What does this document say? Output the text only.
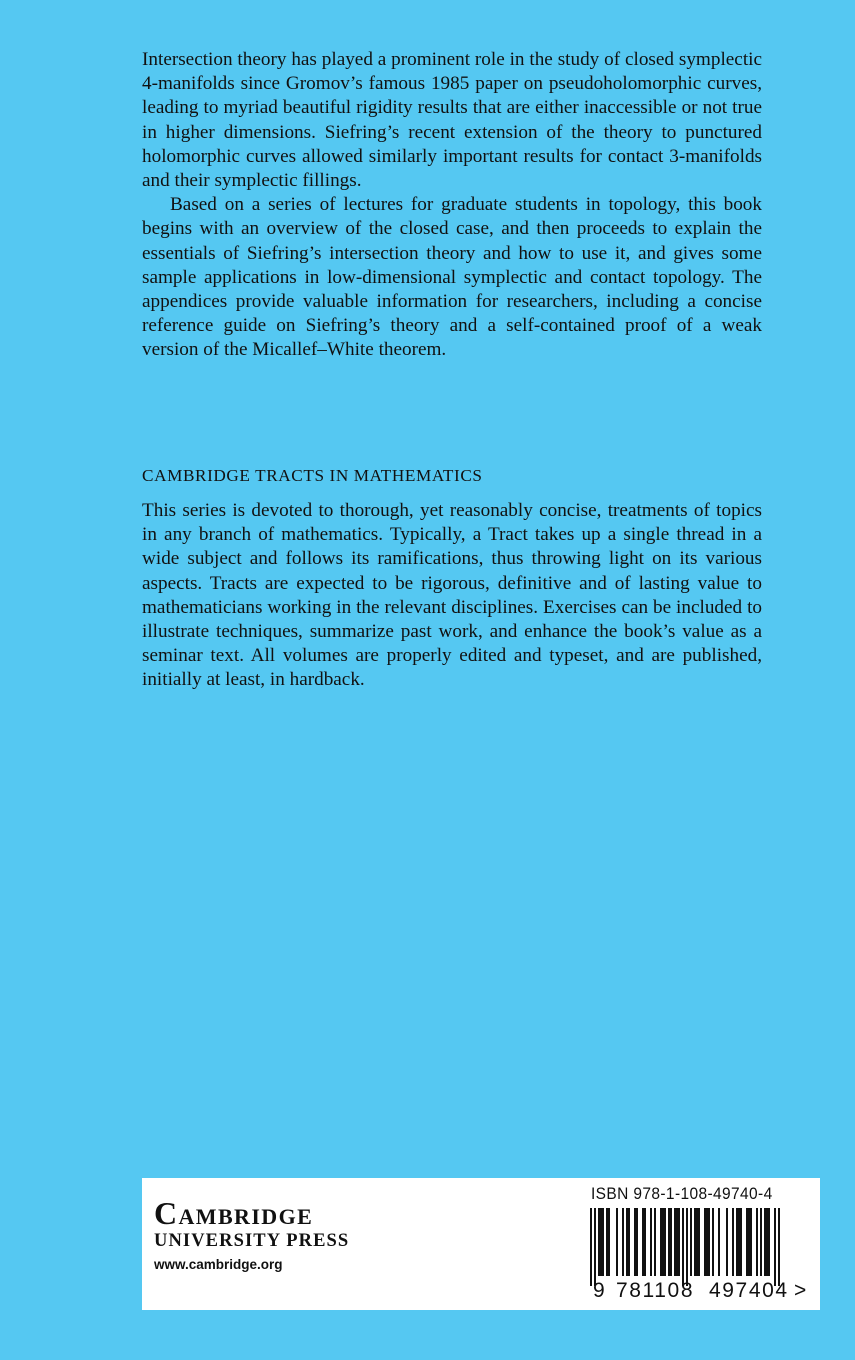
Intersection theory has played a prominent role in the study of closed symplectic 4-manifolds since Gromov’s famous 1985 paper on pseudoholomorphic curves, leading to myriad beautiful rigidity results that are either inaccessible or not true in higher dimensions. Siefring’s recent extension of the theory to punctured holomorphic curves allowed similarly important results for contact 3-manifolds and their symplectic fillings.

Based on a series of lectures for graduate students in topology, this book begins with an overview of the closed case, and then proceeds to explain the essentials of Siefring’s intersection theory and how to use it, and gives some sample applications in low-dimensional symplectic and contact topology. The appendices provide valuable information for researchers, including a concise reference guide on Siefring’s theory and a self-contained proof of a weak version of the Micallef–White theorem.

CAMBRIDGE TRACTS IN MATHEMATICS

This series is devoted to thorough, yet reasonably concise, treatments of topics in any branch of mathematics. Typically, a Tract takes up a single thread in a wide subject and follows its ramifications, thus throwing light on its various aspects. Tracts are expected to be rigorous, definitive and of lasting value to mathematicians working in the relevant disciplines. Exercises can be included to illustrate techniques, summarize past work, and enhance the book’s value as a seminar text. All volumes are properly edited and typeset, and are published, initially at least, in hardback.

Cambridge
UNIVERSITY PRESS
www.cambridge.org
ISBN 978-1-108-49740-4
9 781108 497404 >
